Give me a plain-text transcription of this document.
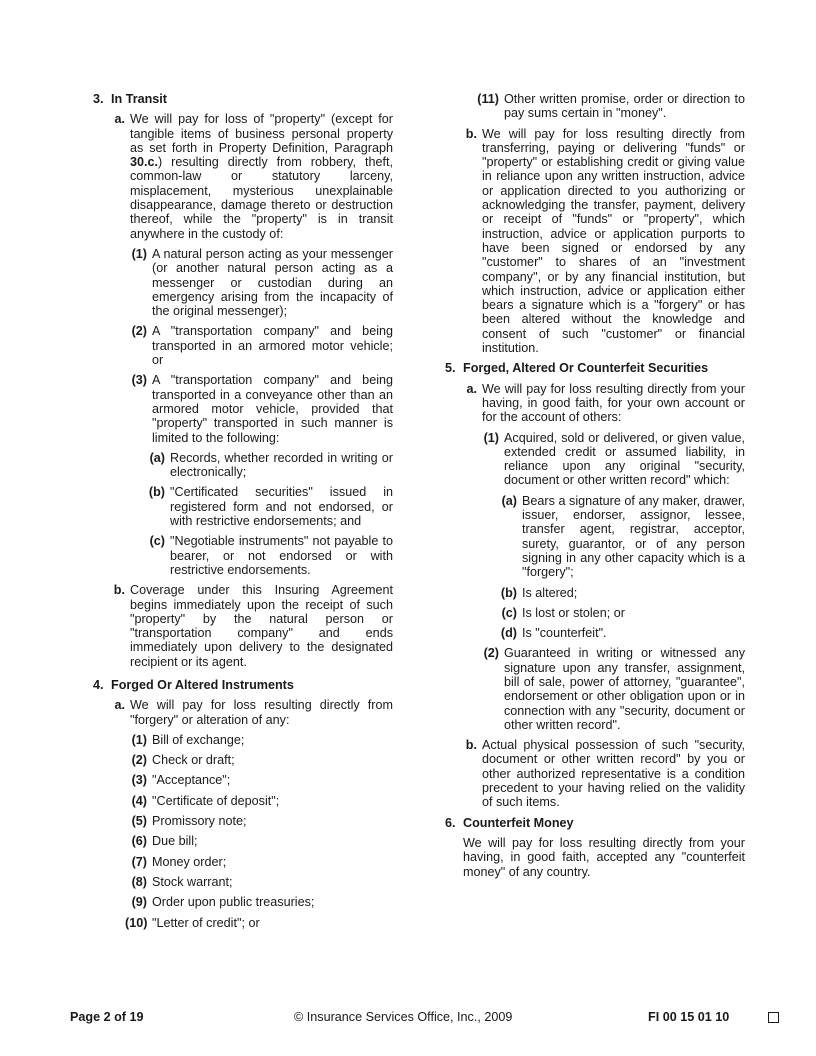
3. In Transit
a. We will pay for loss of "property" (except for tangible items of business personal property as set forth in Property Definition, Paragraph 30.c.) resulting directly from robbery, theft, common-law or statutory larceny, misplacement, mysterious unexplainable disappearance, damage thereto or destruction thereof, while the "property" is in transit anywhere in the custody of:
(1) A natural person acting as your messenger (or another natural person acting as a messenger or custodian during an emergency arising from the incapacity of the original messenger);
(2) A "transportation company" and being transported in an armored motor vehicle; or
(3) A "transportation company" and being transported in a conveyance other than an armored motor vehicle, provided that "property" transported in such manner is limited to the following:
(a) Records, whether recorded in writing or electronically;
(b) "Certificated securities" issued in registered form and not endorsed, or with restrictive endorsements; and
(c) "Negotiable instruments" not payable to bearer, or not endorsed or with restrictive endorsements.
b. Coverage under this Insuring Agreement begins immediately upon the receipt of such "property" by the natural person or "transportation company" and ends immediately upon delivery to the designated recipient or its agent.
4. Forged Or Altered Instruments
a. We will pay for loss resulting directly from "forgery" or alteration of any:
(1) Bill of exchange;
(2) Check or draft;
(3) "Acceptance";
(4) "Certificate of deposit";
(5) Promissory note;
(6) Due bill;
(7) Money order;
(8) Stock warrant;
(9) Order upon public treasuries;
(10) "Letter of credit"; or
(11) Other written promise, order or direction to pay sums certain in "money".
b. We will pay for loss resulting directly from transferring, paying or delivering "funds" or "property" or establishing credit or giving value in reliance upon any written instruction, advice or application directed to you authorizing or acknowledging the transfer, payment, delivery or receipt of "funds" or "property", which instruction, advice or application purports to have been signed or endorsed by any "customer" to shares of an "investment company", or by any financial institution, but which instruction, advice or application either bears a signature which is a "forgery" or has been altered without the knowledge and consent of such "customer" or financial institution.
5. Forged, Altered Or Counterfeit Securities
a. We will pay for loss resulting directly from your having, in good faith, for your own account or for the account of others:
(1) Acquired, sold or delivered, or given value, extended credit or assumed liability, in reliance upon any original "security, document or other written record" which:
(a) Bears a signature of any maker, drawer, issuer, endorser, assignor, lessee, transfer agent, registrar, acceptor, surety, guarantor, or of any person signing in any other capacity which is a "forgery";
(b) Is altered;
(c) Is lost or stolen; or
(d) Is "counterfeit".
(2) Guaranteed in writing or witnessed any signature upon any transfer, assignment, bill of sale, power of attorney, "guarantee", endorsement or other obligation upon or in connection with any "security, document or other written record".
b. Actual physical possession of such "security, document or other written record" by you or other authorized representative is a condition precedent to your having relied on the validity of such items.
6. Counterfeit Money
We will pay for loss resulting directly from your having, in good faith, accepted any "counterfeit money" of any country.
Page 2 of 19	© Insurance Services Office, Inc., 2009	FI 00 15 01 10
